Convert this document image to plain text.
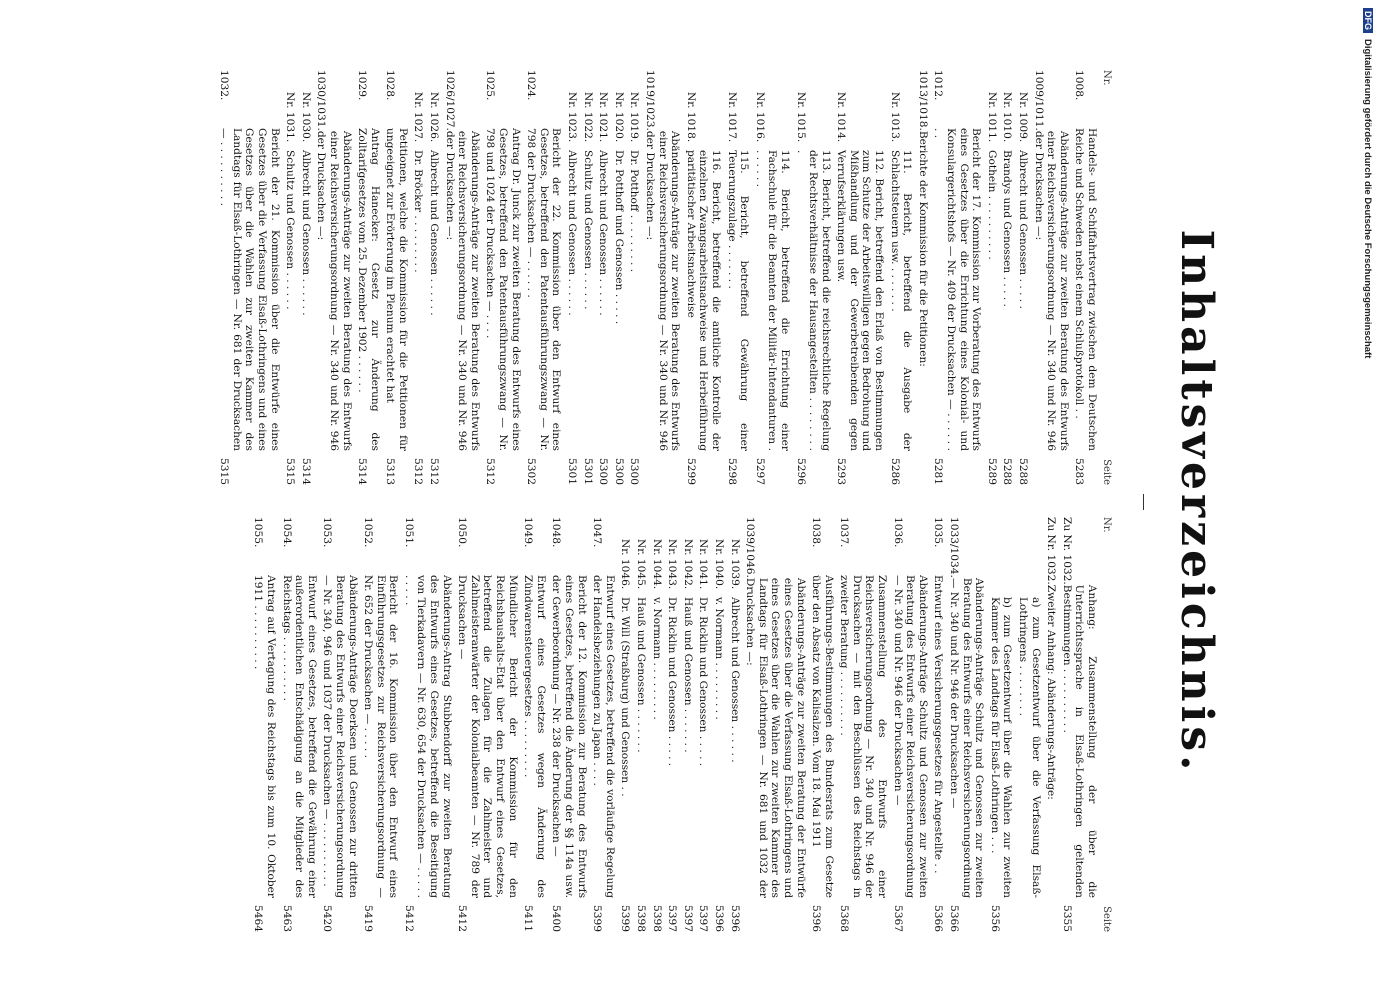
Inhaltsverzeichnis.
Nr.
Seite
1008.
Handels- und Schiffahrtsvertrag zwischen dem Deutschen Reiche und Schweden nebst einem Schlußprotokoll . .
5283
1009/1011.
Abänderungs-Anträge zur zweiten Beratung des Entwurfs einer Reichsversicherungsordnung — Nr. 340 und Nr. 946 der Drucksachen —:
Nr. 1009.
Albrecht und Genossen . . . . .
5288
Nr. 1010.
Brandys und Genossen . . . . .
5288
Nr. 1011.
Gothein . . . . . . . . . .
5289
1012.
Bericht der 17. Kommission zur Vorberatung des Entwurfs eines Gesetzes über die Errichtung eines Kolonial- und Konsulargerichtshofs — Nr. 409 der Drucksachen — . . . . . . . .
5281
1013/1018.
Berichte der Kommission für die Petitionen:
Nr. 1013.
111. Bericht, betreffend die Ausgabe der Schlachtsteuern usw. . . . . . . .
5286
Nr. 1014.
112. Bericht, betreffend den Erlaß von Bestimmungen zum Schutze der Arbeitswilligen gegen Bedrohung und Mißhandlung und der Gewerbetreibenden gegen Verrufserklärungen usw.
5293
Nr. 1015.
113. Bericht, betreffend die reichsrechtliche Regelung der Rechtsverhältnisse der Hausangestellten . . . . . . . . .
5296
Nr. 1016.
114. Bericht, betreffend die Errichtung einer Fachschule für die Beamten der Militär-Intendanturen . . . . . . .
5297
Nr. 1017.
115. Bericht, betreffend Gewährung einer Teuerungszulage . . . . . . .
5298
Nr. 1018.
116. Bericht, betreffend die amtliche Kontrolle der einzelnen Zwangsarbeitsnachweise und Herbeiführung paritätischer Arbeitsnachweise
5299
1019/1023.
Abänderungs-Anträge zur zweiten Beratung des Entwurfs einer Reichsversicherungsordnung — Nr. 340 und Nr. 946 der Drucksachen —:
Nr. 1019.
Dr. Potthoff . . . . . . . . .
5300
Nr. 1020.
Dr. Potthoff und Genossen . . . . .
5300
Nr. 1021.
Albrecht und Genossen . . . . . .
5300
Nr. 1022.
Schultz und Genossen . . . . . .
5301
Nr. 1023.
Albrecht und Genossen . . . . . .
5301
1024.
Bericht der 22. Kommission über den Entwurf eines Gesetzes, betreffend den Patentausführungszwang — Nr. 798 der Drucksachen — . . . . . .
5302
1025.
Antrag Dr. Junck zur zweiten Beratung des Entwurfs eines Gesetzes, betreffend den Patentausführungszwang — Nr. 798 und 1024 der Drucksachen — . . . .
5312
1026/1027.
Abänderungs-Anträge zur zweiten Beratung des Entwurfs einer Reichsversicherungsordnung — Nr. 340 und Nr. 946 der Drucksachen —:
Nr. 1026.
Albrecht und Genossen . . . . . .
5312
Nr. 1027.
Dr. Bröcker . . . . . . . . .
5312
1028.
Petitionen, welche die Kommission für die Petitionen für ungeeignet zur Erörterung im Plenum erachtet hat
5313
1029.
Antrag Hanecker: Gesetz zur Änderung des Zolltarifgesetzes vom 25. Dezember 1902 . . . . . .
5314
1030/1031.
Abänderungs-Anträge zur zweiten Beratung des Entwurfs einer Reichsversicherungsordnung — Nr. 340 und Nr. 946 der Drucksachen —:
Nr. 1030.
Albrecht und Genossen . . . . . .
5314
Nr. 1031.
Schultz und Genossen . . . . . .
5315
1032.
Bericht der 21. Kommission über die Entwürfe eines Gesetzes über die Verfassung Elsaß-Lothringens und eines Gesetzes über die Wahlen zur zweiten Kammer des Landtags für Elsaß-Lothringen — Nr. 681 der Drucksachen — . . . . . . . . . .
5315
Nr.
Seite
Zu Nr. 1032.
Anhang: Zusammenstellung der über die Unterrichtssprache in Elsaß-Lothringen geltenden Bestimmungen . . . . . . . . . .
5355
Zu Nr. 1032.
Zweiter Anhang: Abänderungs-Anträge:
a) zum Gesetzentwurf über die Verfassung Elsaß-Lothringens . . . . . . . .
b) zum Gesetzentwurf über die Wahlen zur zweiten Kammer des Landtags für Elsaß-Lothringen . . .
5356
1033/1034.
Abänderungs-Anträge Schultz und Genossen zur zweiten Beratung des Entwurfs einer Reichsversicherungsordnung — Nr. 340 und Nr. 946 der Drucksachen —
5366
1035.
Entwurf eines Versicherungsgesetzes für Angestellte . .
5366
1036.
Abänderungs-Anträge Schultz und Genossen zur zweiten Beratung des Entwurfs einer Reichsversicherungsordnung — Nr. 340 und Nr. 946 der Drucksachen —
5367
1037.
Zusammenstellung des Entwurfs einer Reichsversicherungsordnung — Nr. 340 und Nr. 946 der Drucksachen — mit den Beschlüssen des Reichstags in zweiter Beratung . . . . . . . . . .
5368
1038.
Ausführungs-Bestimmungen des Bundesrats zum Gesetze über den Absatz von Kalisalzen. Vom 18. Mai 1911
5396
1039/1046.
Abänderungs-Anträge zur zweiten Beratung der Entwürfe eines Gesetzes über die Verfassung Elsaß-Lothringens und eines Gesetzes über die Wahlen zur zweiten Kammer des Landtags für Elsaß-Lothringen — Nr. 681 und 1032 der Drucksachen —:
Nr. 1039.
Albrecht und Genossen . . . . . .
5396
Nr. 1040.
v. Normann . . . . . . . . .
5396
Nr. 1041.
Dr. Ricklin und Genossen . . . . .
5397
Nr. 1042.
Hauß und Genossen . . . . . . .
5397
Nr. 1043.
Dr. Ricklin und Genossen . . . . .
5397
Nr. 1044.
v. Normann . . . . . . . . .
5398
Nr. 1045.
Hauß und Genossen . . . . . . .
5398
Nr. 1046.
Dr. Will (Straßburg) und Genossen . .
5399
1047.
Entwurf eines Gesetzes, betreffend die vorläufige Regelung der Handelsbeziehungen zu Japan . . . .
5399
1048.
Bericht der 12. Kommission zur Beratung des Entwurfs eines Gesetzes, betreffend die Änderung der §§ 114a usw. der Gewerbeordnung — Nr. 238 der Drucksachen —
5400
1049.
Entwurf eines Gesetzes wegen Änderung des Zündwarensteuergesetzes . . . . . . . . .
5411
1050.
Mündlicher Bericht der Kommission für den Reichshaushalts-Etat über den Entwurf eines Gesetzes, betreffend die Zulagen für die Zahlmeister und Zahlmeisteranwärter der Kolonialbeamten — Nr. 789 der Drucksachen —
5412
1051.
Abänderungs-Antrag Stubbendorff zur zweiten Beratung des Entwurfs eines Gesetzes, betreffend die Beseitigung von Tierkadavern — Nr. 630, 654 der Drucksachen — . . . . . . . . . .
5412
1052.
Bericht der 16. Kommission über den Entwurf eines Einführungsgesetzes zur Reichsversicherungsordnung — Nr. 652 der Drucksachen — . . . . .
5419
1053.
Abänderungs-Anträge Doerksen und Genossen zur dritten Beratung des Entwurfs einer Reichsversicherungsordnung — Nr. 340, 946 und 1037 der Drucksachen — . . . . . . . . . .
5420
1054.
Entwurf eines Gesetzes, betreffend die Gewährung einer außerordentlichen Entschädigung an die Mitglieder des Reichstags . . . . . . . . . .
5463
1055.
Antrag auf Vertagung des Reichstags bis zum 10. Oktober 1911 . . . . . . . . . .
5464
DFGDigitalisierung gefördert durch die Deutsche Forschungsgemeinschaft
